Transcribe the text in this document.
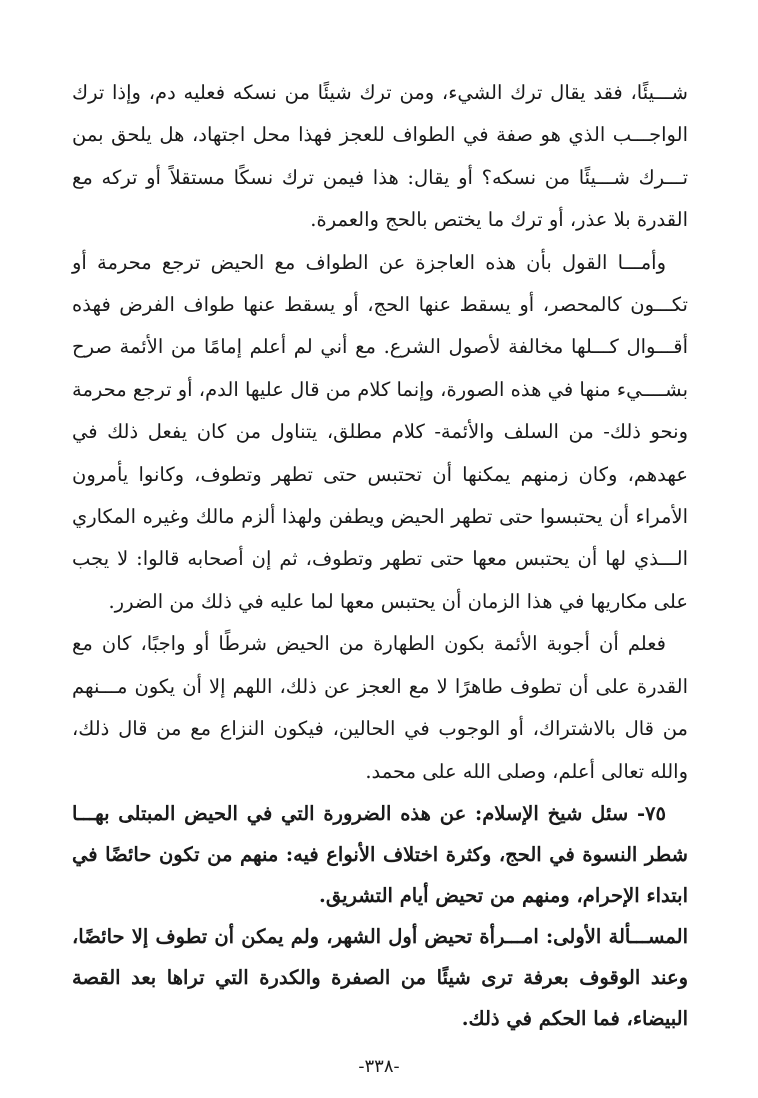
شـــيئًا، فقد يقال ترك الشيء، ومن ترك شيئًا من نسكه فعليه دم، وإذا ترك الواجـــب الذي هو صفة في الطواف للعجز فهذا محل اجتهاد، هل يلحق بمن تـــرك شـــيئًا من نسكه؟ أو يقال: هذا فيمن ترك نسكًا مستقلاً أو تركه مع القدرة بلا عذر، أو ترك ما يختص بالحج والعمرة.

وأمـــا القول بأن هذه العاجزة عن الطواف مع الحيض ترجع محرمة أو تكـــون كالمحصر، أو يسقط عنها الحج، أو يسقط عنها طواف الفرض فهذه أقـــوال كـــلها مخالفة لأصول الشرع. مع أني لم أعلم إمامًا من الأئمة صرح بشــــيء منها في هذه الصورة، وإنما كلام من قال عليها الدم، أو ترجع محرمة ونحو ذلك- من السلف والأئمة- كلام مطلق، يتناول من كان يفعل ذلك في عهدهم، وكان زمنهم يمكنها أن تحتبس حتى تطهر وتطوف، وكانوا يأمرون الأمراء أن يحتبسوا حتى تطهر الحيض ويطفن ولهذا ألزم مالك وغيره المكاري الـــذي لها أن يحتبس معها حتى تطهر وتطوف، ثم إن أصحابه قالوا: لا يجب على مكاريها في هذا الزمان أن يحتبس معها لما عليه في ذلك من الضرر.

فعلم أن أجوبة الأئمة بكون الطهارة من الحيض شرطًا أو واجبًا، كان مع القدرة على أن تطوف طاهرًا لا مع العجز عن ذلك، اللهم إلا أن يكون مـــنهم من قال بالاشتراك، أو الوجوب في الحالين، فيكون النزاع مع من قال ذلك، والله تعالى أعلم، وصلى الله على محمد.

٧٥- سئل شيخ الإسلام: عن هذه الضرورة التي في الحيض المبتلى بهـــا شطر النسوة في الحج، وكثرة اختلاف الأنواع فيه: منهم من تكون حائضًا في ابتداء الإحرام، ومنهم من تحيض أيام التشريق.

المســـألة الأولى: امـــرأة تحيض أول الشهر، ولم يمكن أن تطوف إلا حائضًا، وعند الوقوف بعرفة ترى شيئًا من الصفرة والكدرة التي تراها بعد القصة البيضاء، فما الحكم في ذلك.

-٣٣٨-
